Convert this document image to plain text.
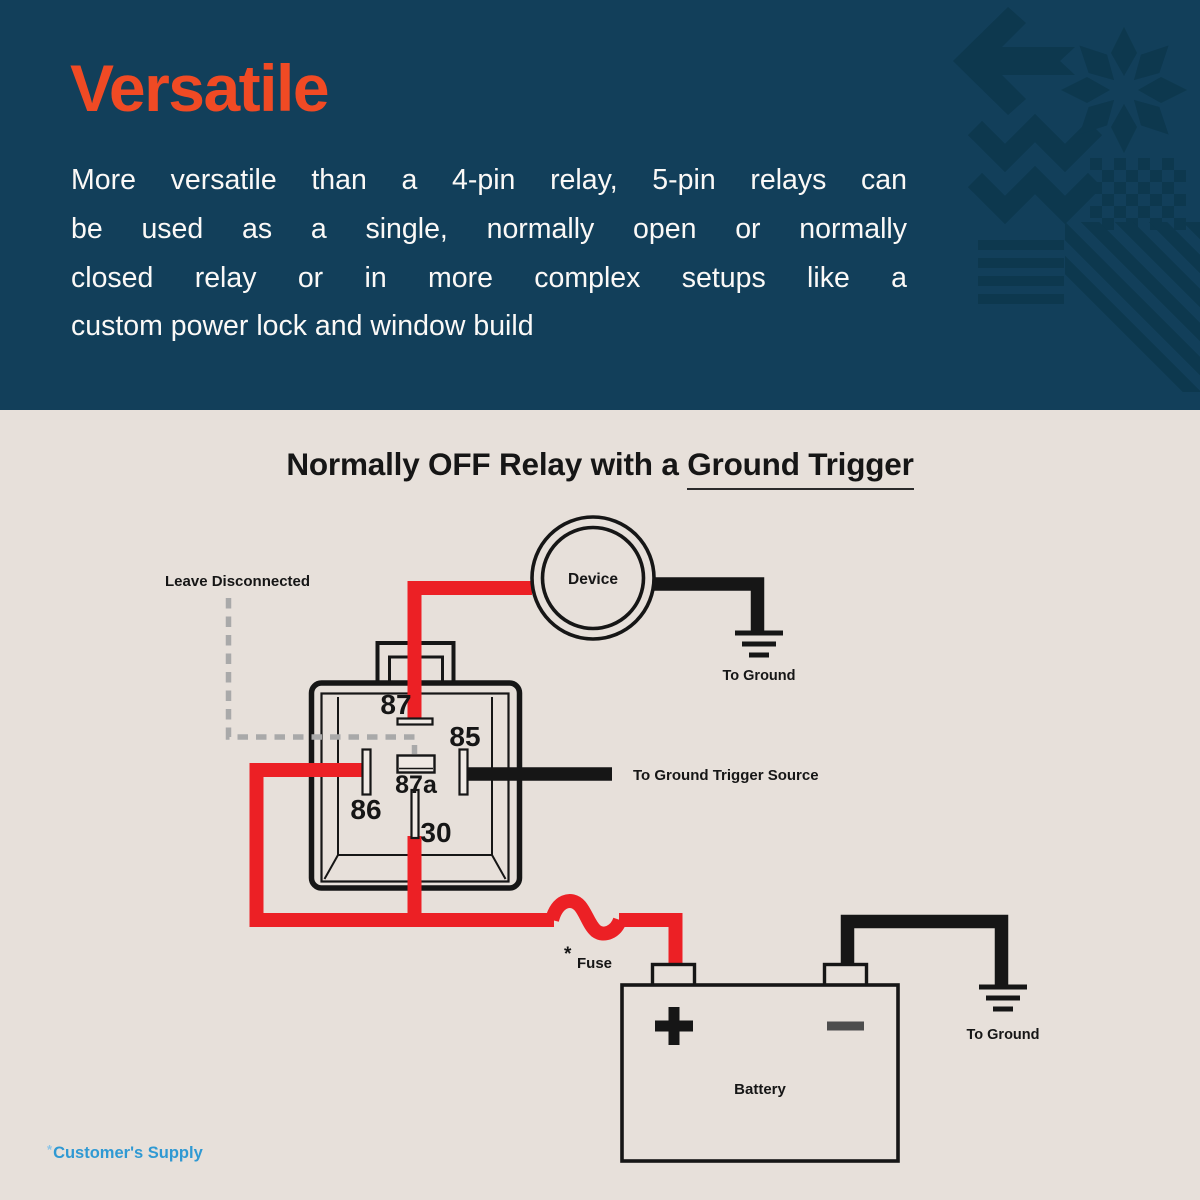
Versatile
More versatile than a 4-pin relay, 5-pin relays can
be used as a single, normally open or normally
closed relay or in more complex setups like a
custom power lock and window build
Normally OFF Relay with a Ground Trigger
87
85
86
87a
30
Leave Disconnected	Device
To Ground
To Ground Trigger Source
* Fuse
Battery
To Ground
*Customer's Supply
